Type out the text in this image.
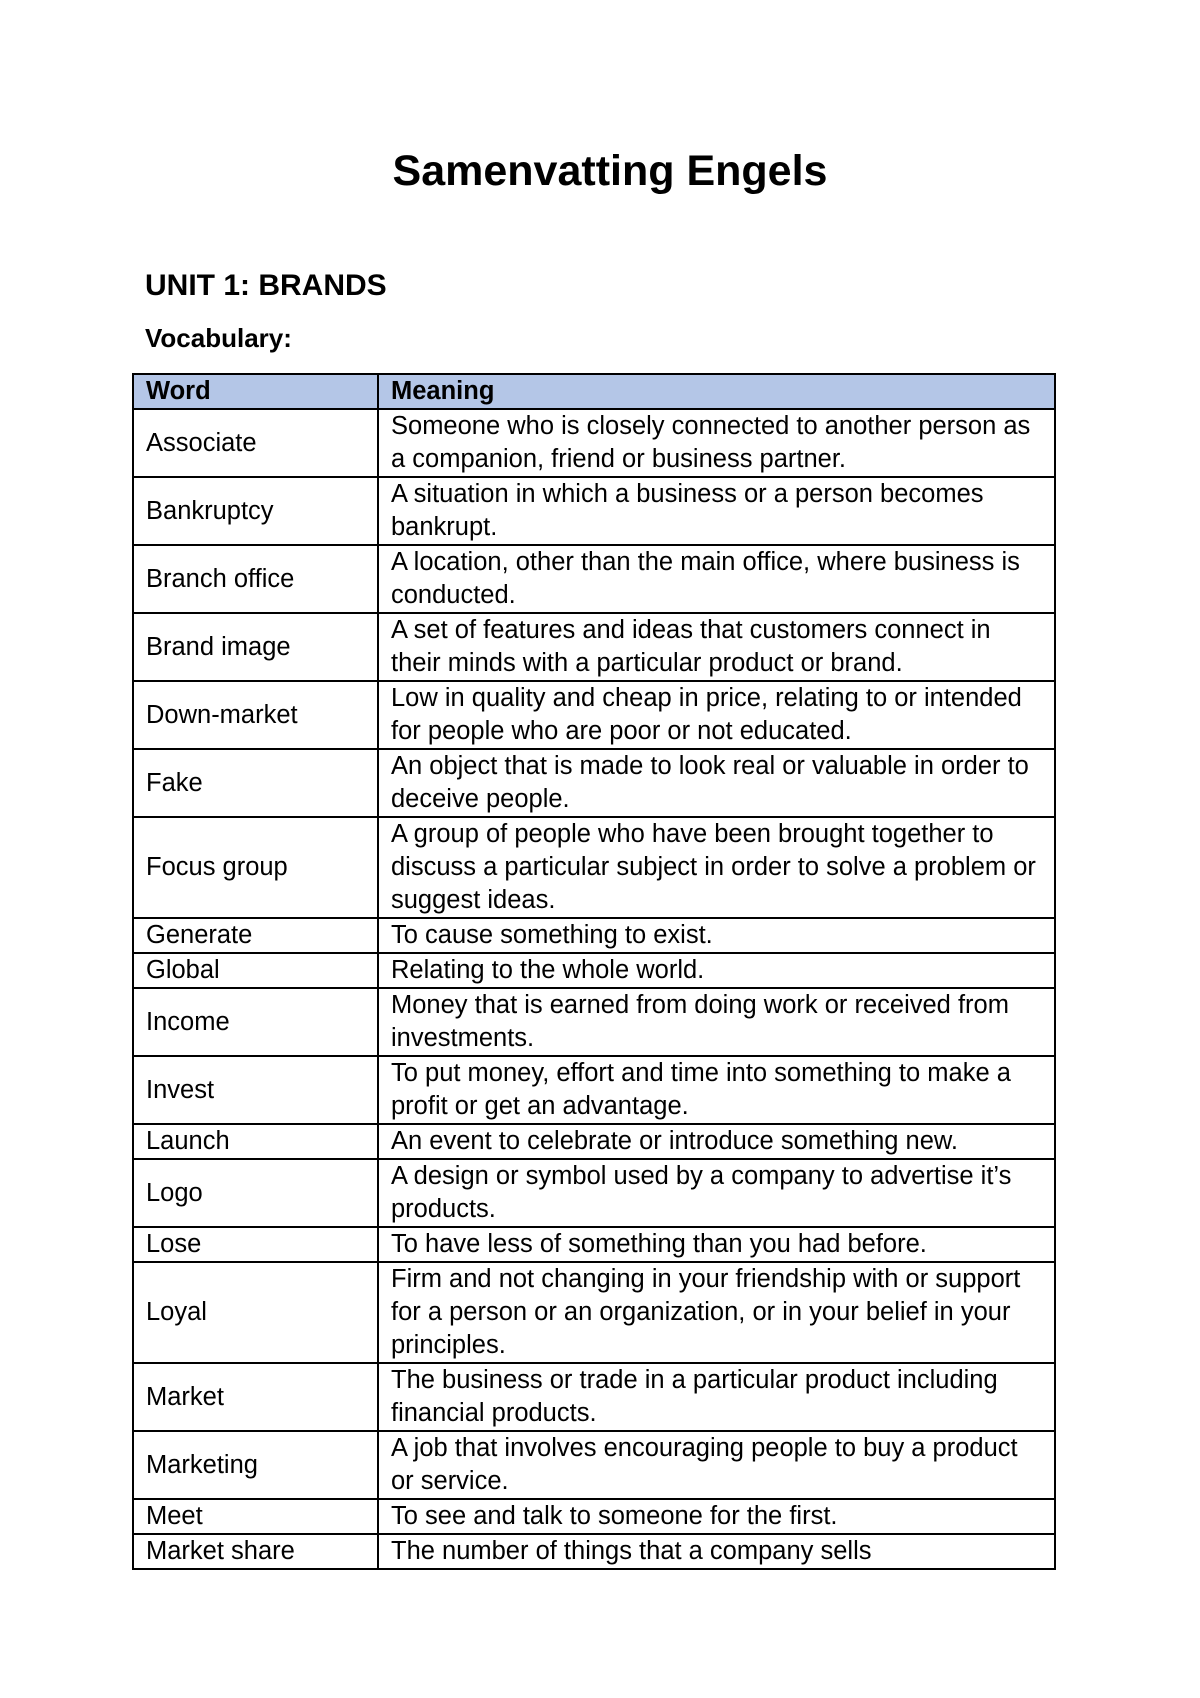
Samenvatting Engels
UNIT 1: BRANDS

Vocabulary:

Word	Meaning
Associate	Someone who is closely connected to another person as a companion, friend or business partner.
Bankruptcy	A situation in which a business or a person becomes bankrupt.
Branch office	A location, other than the main office, where business is conducted.
Brand image	A set of features and ideas that customers connect in their minds with a particular product or brand.
Down-market	Low in quality and cheap in price, relating to or intended for people who are poor or not educated.
Fake	An object that is made to look real or valuable in order to deceive people.
Focus group	A group of people who have been brought together to discuss a particular subject in order to solve a problem or suggest ideas.
Generate	To cause something to exist.
Global	Relating to the whole world.
Income	Money that is earned from doing work or received from investments.
Invest	To put money, effort and time into something to make a profit or get an advantage.
Launch	An event to celebrate or introduce something new.
Logo	A design or symbol used by a company to advertise it’s products.
Lose	To have less of something than you had before.
Loyal	Firm and not changing in your friendship with or support for a person or an organization, or in your belief in your principles.
Market	The business or trade in a particular product including financial products.
Marketing	A job that involves encouraging people to buy a product or service.
Meet	To see and talk to someone for the first.
Market share	The number of things that a company sells
